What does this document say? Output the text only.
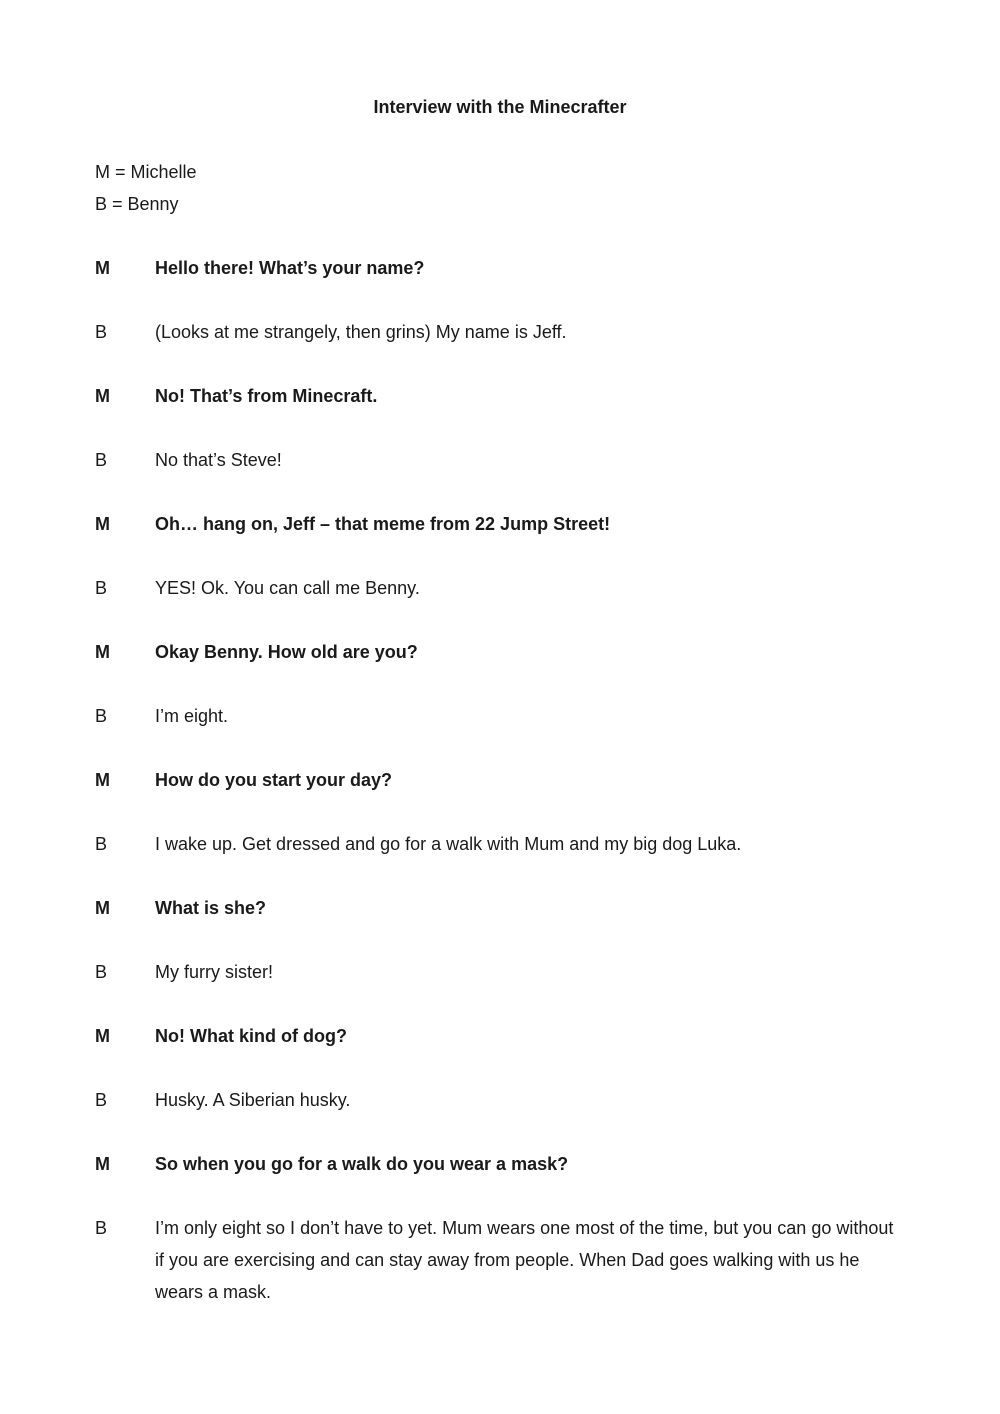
Interview with the Minecrafter
M = Michelle
B = Benny
M	Hello there! What’s your name?
B	(Looks at me strangely, then grins) My name is Jeff.
M	No! That’s from Minecraft.
B	No that’s Steve!
M	Oh… hang on, Jeff – that meme from 22 Jump Street!
B	YES! Ok. You can call me Benny.
M	Okay Benny. How old are you?
B	I’m eight.
M	How do you start your day?
B	I wake up. Get dressed and go for a walk with Mum and my big dog Luka.
M	What is she?
B	My furry sister!
M	No! What kind of dog?
B	Husky. A Siberian husky.
M	So when you go for a walk do you wear a mask?
B	I’m only eight so I don’t have to yet. Mum wears one most of the time, but you can go without if you are exercising and can stay away from people. When Dad goes walking with us he wears a mask.
